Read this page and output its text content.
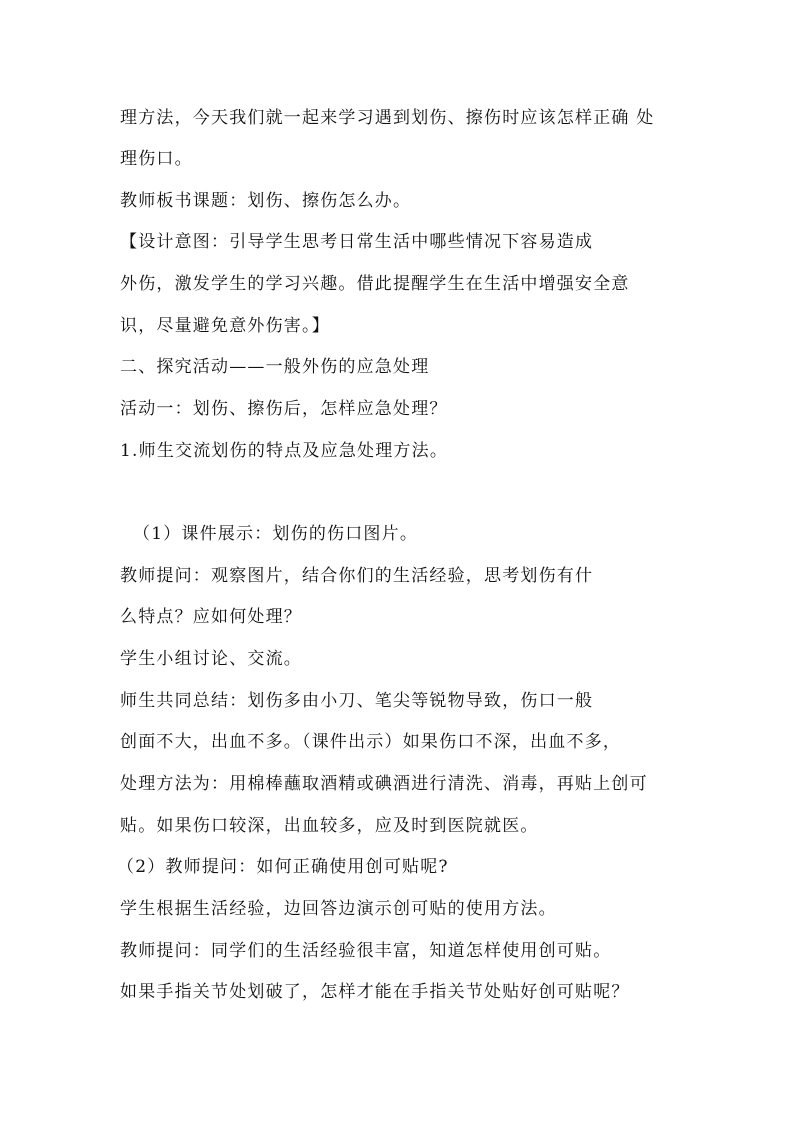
理方法，今天我们就一起来学习遇到划伤、擦伤时应该怎样正确 处
理伤口。
教师板书课题：划伤、擦伤怎么办。
【设计意图：引导学生思考日常生活中哪些情况下容易造成
外伤，激发学生的学习兴趣。借此提醒学生在生活中增强安全意
识，尽量避免意外伤害。】
二、探究活动——一般外伤的应急处理
活动一：划伤、擦伤后，怎样应急处理？
1.师生交流划伤的特点及应急处理方法。
（1）课件展示：划伤的伤口图片。
教师提问：观察图片，结合你们的生活经验，思考划伤有什
么特点？应如何处理？
学生小组讨论、交流。
师生共同总结：划伤多由小刀、笔尖等锐物导致，伤口一般
创面不大，出血不多。（课件出示）如果伤口不深，出血不多，
处理方法为：用棉棒蘸取酒精或碘酒进行清洗、消毒，再贴上创可
贴。如果伤口较深，出血较多，应及时到医院就医。
（2）教师提问：如何正确使用创可贴呢?
学生根据生活经验，边回答边演示创可贴的使用方法。
教师提问：同学们的生活经验很丰富，知道怎样使用创可贴。
如果手指关节处划破了，怎样才能在手指关节处贴好创可贴呢？
